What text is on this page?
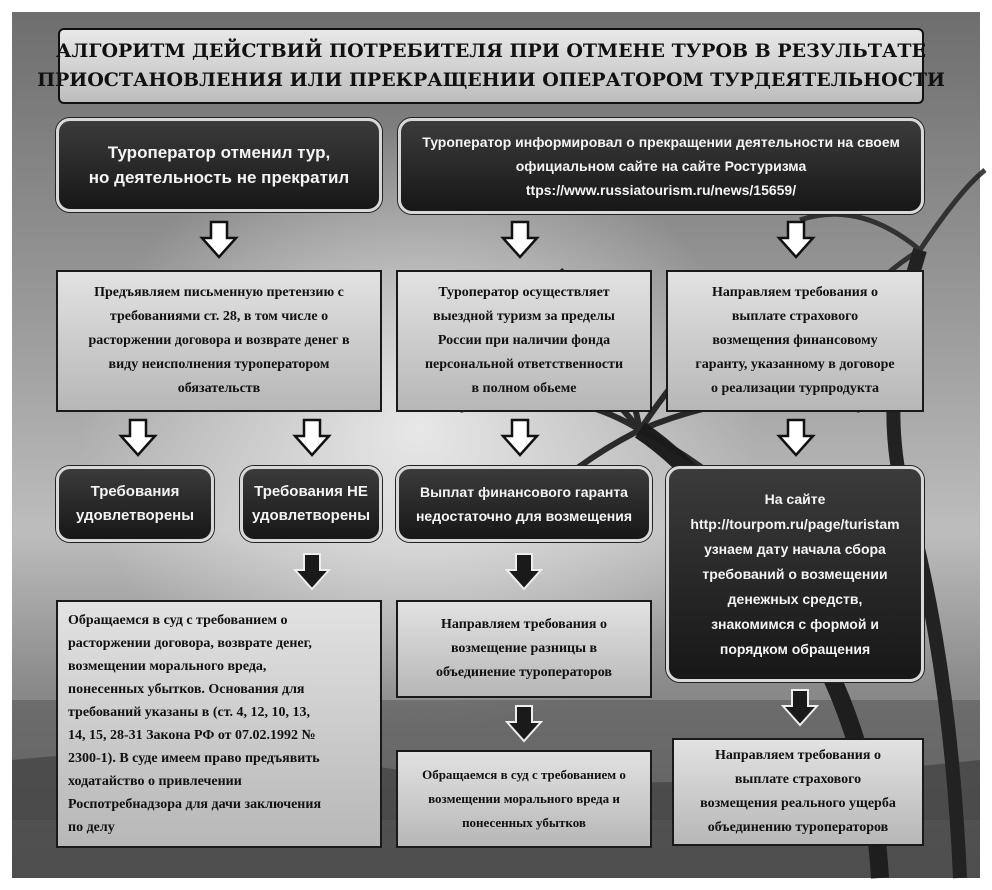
АЛГОРИТМ ДЕЙСТВИЙ ПОТРЕБИТЕЛЯ ПРИ ОТМЕНЕ ТУРОВ В РЕЗУЛЬТАТЕ
ПРИОСТАНОВЛЕНИЯ ИЛИ ПРЕКРАЩЕНИИ ОПЕРАТОРОМ ТУРДЕЯТЕЛЬНОСТИ
Туроператор отменил тур,
но деятельность не прекратил
Туроператор информировал о прекращении деятельности на своем
официальном сайте на сайте Ростуризма
ttps://www.russiatourism.ru/news/15659/
Предъявляем письменную претензию с
требованиями ст. 28, в том числе о
расторжении договора и возврате денег в
виду неисполнения туроператором
обязательств
Туроператор осуществляет
выездной туризм за пределы
России при наличии фонда
персональной ответственности
в полном обьеме
Направляем требования о
выплате страхового
возмещения финансовому
гаранту, указанному в договоре
о реализации турпродукта
Требования
удовлетворены
Требования НЕ
удовлетворены
Выплат финансового гаранта
недостаточно для возмещения
На сайте
http://tourpom.ru/page/turistam
узнаем дату начала сбора
требований о возмещении
денежных средств,
знакомимся с формой и
порядком обращения
Обращаемся в суд с требованием о
расторжении договора, возврате денег,
возмещении морального вреда,
понесенных убытков. Основания для
требований указаны в (ст. 4, 12, 10, 13,
14, 15, 28-31 Закона РФ от 07.02.1992 №
2300-1). В суде имеем право предъявить
ходатайство о привлечении
Роспотребнадзора для дачи заключения
по делу
Направляем требования о
возмещение разницы в
объединение туроператоров
Обращаемся в суд с требованием о
возмещении морального вреда и
понесенных убытков
Направляем требования о
выплате страхового
возмещения реального ущерба
объединению туроператоров
